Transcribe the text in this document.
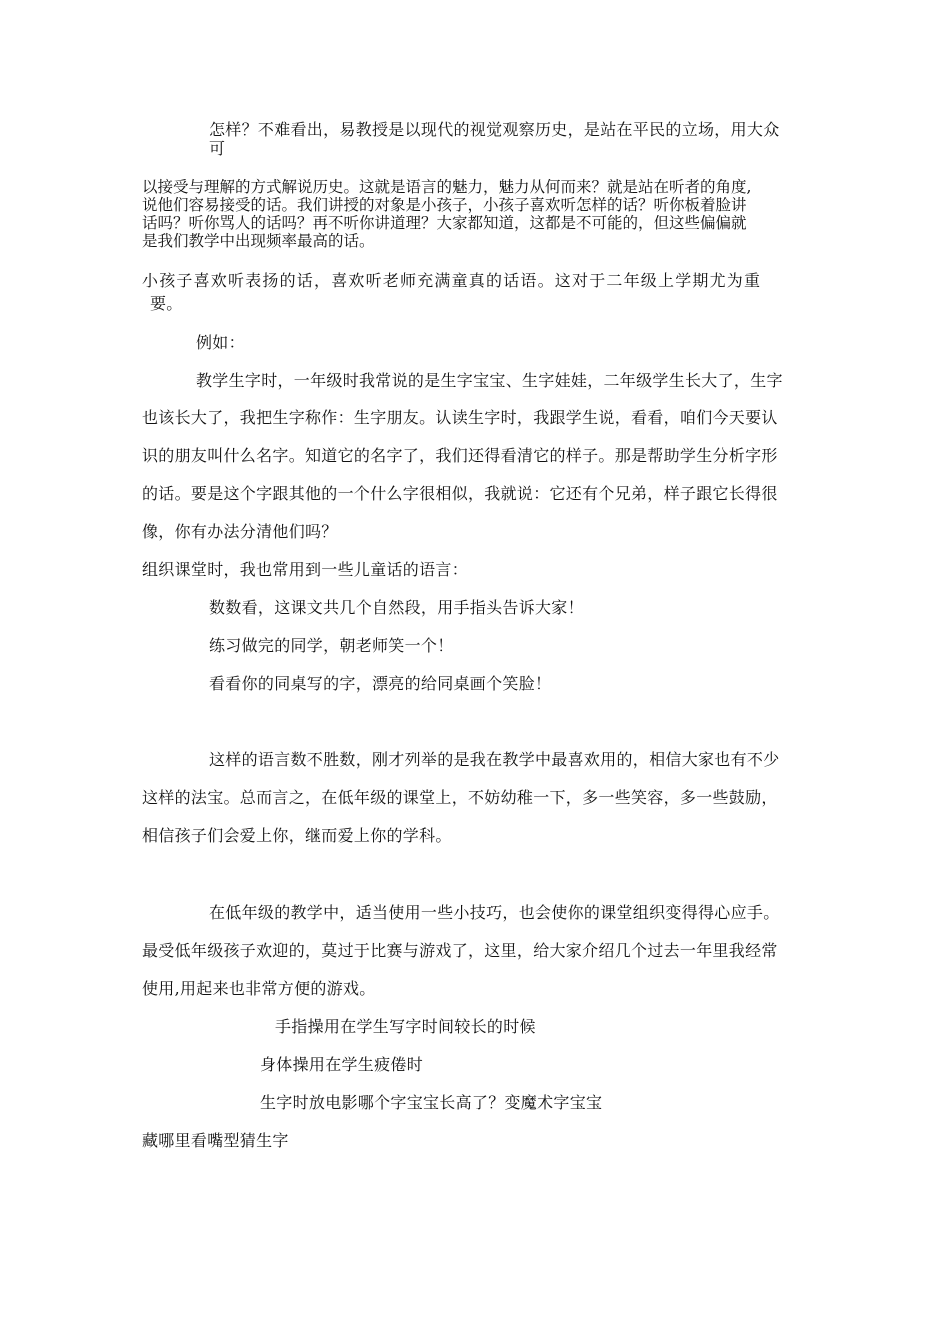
怎样？不难看出，易教授是以现代的视觉观察历史，是站在平民的立场，用大众

可

以接受与理解的方式解说历史。这就是语言的魅力，魅力从何而来？就是站在听者的角度,

说他们容易接受的话。我们讲授的对象是小孩子，小孩子喜欢听怎样的话？听你板着脸讲

话吗？听你骂人的话吗？再不听你讲道理？大家都知道，这都是不可能的，但这些偏偏就

是我们教学中出现频率最高的话。

小孩子喜欢听表扬的话，喜欢听老师充满童真的话语。这对于二年级上学期尤为重

要。

例如：

教学生字时，一年级时我常说的是生字宝宝、生字娃娃，二年级学生长大了，生字

也该长大了，我把生字称作：生字朋友。认读生字时，我跟学生说，看看，咱们今天要认

识的朋友叫什么名字。知道它的名字了，我们还得看清它的样子。那是帮助学生分析字形

的话。要是这个字跟其他的一个什么字很相似，我就说：它还有个兄弟，样子跟它长得很

像，你有办法分清他们吗？

组织课堂时，我也常用到一些儿童话的语言：

数数看，这课文共几个自然段，用手指头告诉大家！

练习做完的同学，朝老师笑一个！

看看你的同桌写的字，漂亮的给同桌画个笑脸！

这样的语言数不胜数，刚才列举的是我在教学中最喜欢用的，相信大家也有不少

这样的法宝。总而言之，在低年级的课堂上，不妨幼稚一下，多一些笑容，多一些鼓励，

相信孩子们会爱上你，继而爱上你的学科。

在低年级的教学中，适当使用一些小技巧，也会使你的课堂组织变得得心应手。

最受低年级孩子欢迎的，莫过于比赛与游戏了，这里，给大家介绍几个过去一年里我经常

使用,用起来也非常方便的游戏。

手指操用在学生写字时间较长的时候

身体操用在学生疲倦时

生字时放电影哪个字宝宝长高了？变魔术字宝宝

藏哪里看嘴型猜生字
